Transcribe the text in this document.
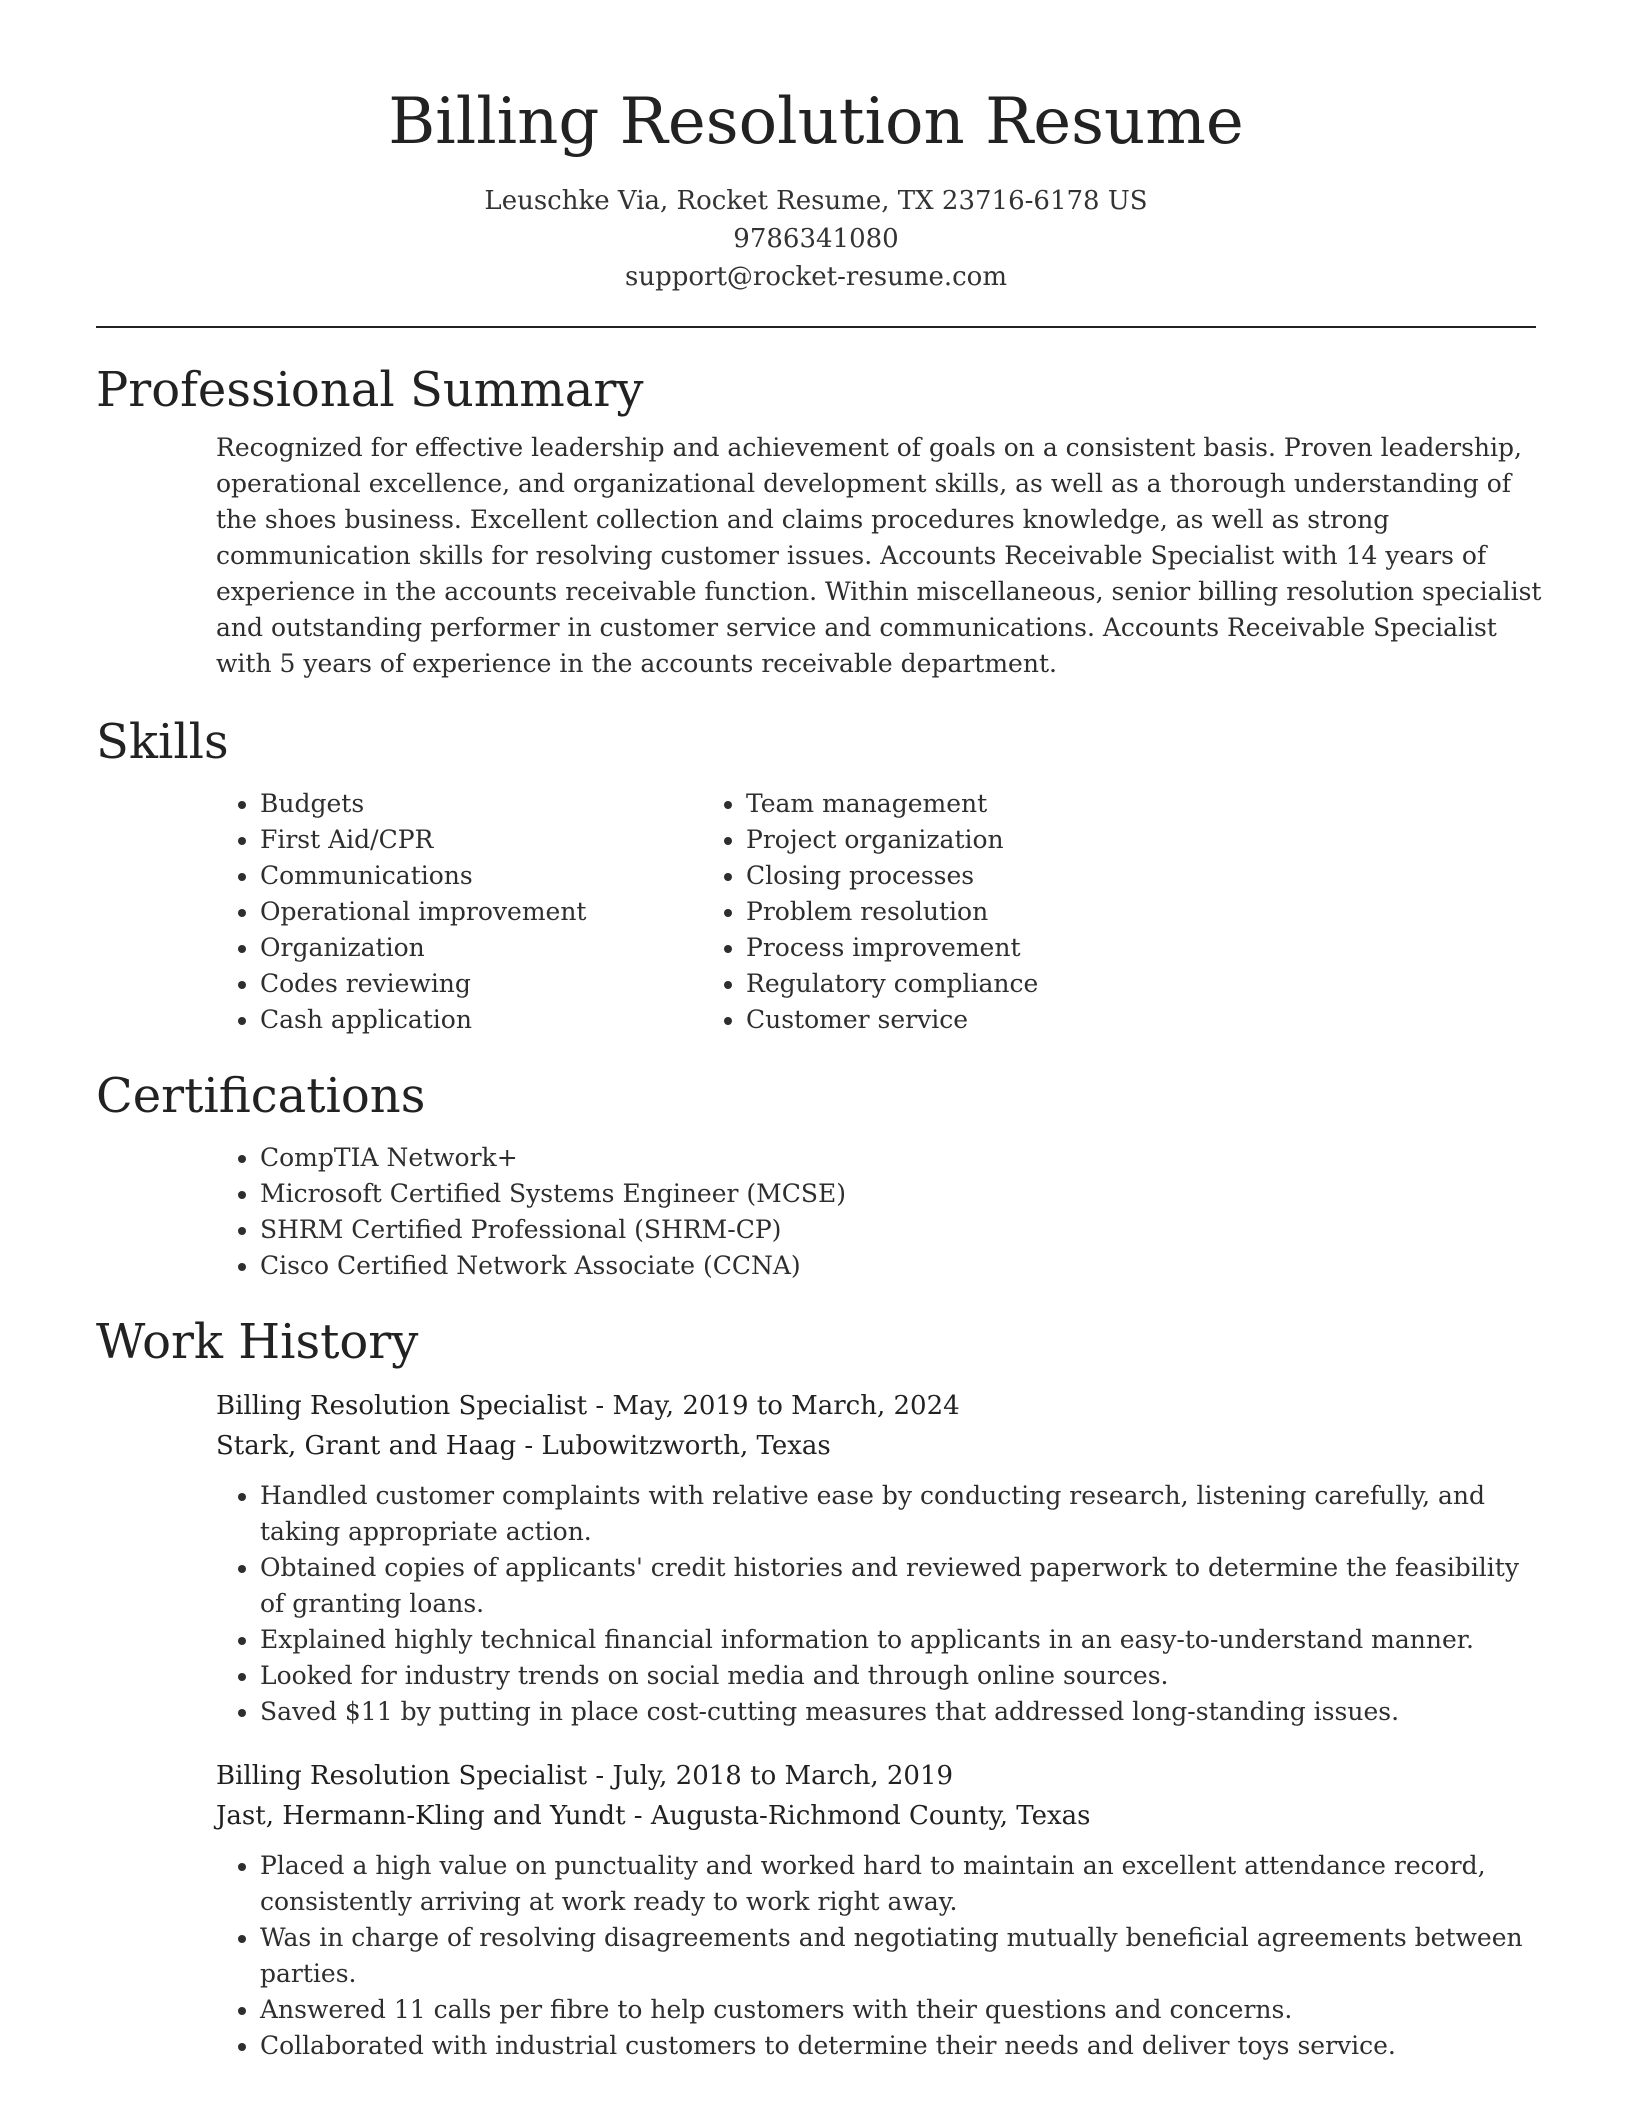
Billing Resolution Resume
Leuschke Via, Rocket Resume, TX 23716-6178 US
9786341080
support@rocket-resume.com
Professional Summary

Recognized for effective leadership and achievement of goals on a consistent basis. Proven leadership, operational excellence, and organizational development skills, as well as a thorough understanding of the shoes business. Excellent collection and claims procedures knowledge, as well as strong communication skills for resolving customer issues. Accounts Receivable Specialist with 14 years of experience in the accounts receivable function. Within miscellaneous, senior billing resolution specialist and outstanding performer in customer service and communications. Accounts Receivable Specialist with 5 years of experience in the accounts receivable department.

Skills
• Budgets
• First Aid/CPR
• Communications
• Operational improvement
• Organization
• Codes reviewing
• Cash application
• Team management
• Project organization
• Closing processes
• Problem resolution
• Process improvement
• Regulatory compliance
• Customer service
Certifications
• CompTIA Network+
• Microsoft Certified Systems Engineer (MCSE)
• SHRM Certified Professional (SHRM-CP)
• Cisco Certified Network Associate (CCNA)
Work History
Billing Resolution Specialist - May, 2019 to March, 2024
Stark, Grant and Haag - Lubowitzworth, Texas
• Handled customer complaints with relative ease by conducting research, listening carefully, and taking appropriate action.
• Obtained copies of applicants' credit histories and reviewed paperwork to determine the feasibility of granting loans.
• Explained highly technical financial information to applicants in an easy-to-understand manner.
• Looked for industry trends on social media and through online sources.
• Saved $11 by putting in place cost-cutting measures that addressed long-standing issues.
Billing Resolution Specialist - July, 2018 to March, 2019
Jast, Hermann-Kling and Yundt - Augusta-Richmond County, Texas
• Placed a high value on punctuality and worked hard to maintain an excellent attendance record, consistently arriving at work ready to work right away.
• Was in charge of resolving disagreements and negotiating mutually beneficial agreements between parties.
• Answered 11 calls per fibre to help customers with their questions and concerns.
• Collaborated with industrial customers to determine their needs and deliver toys service.
